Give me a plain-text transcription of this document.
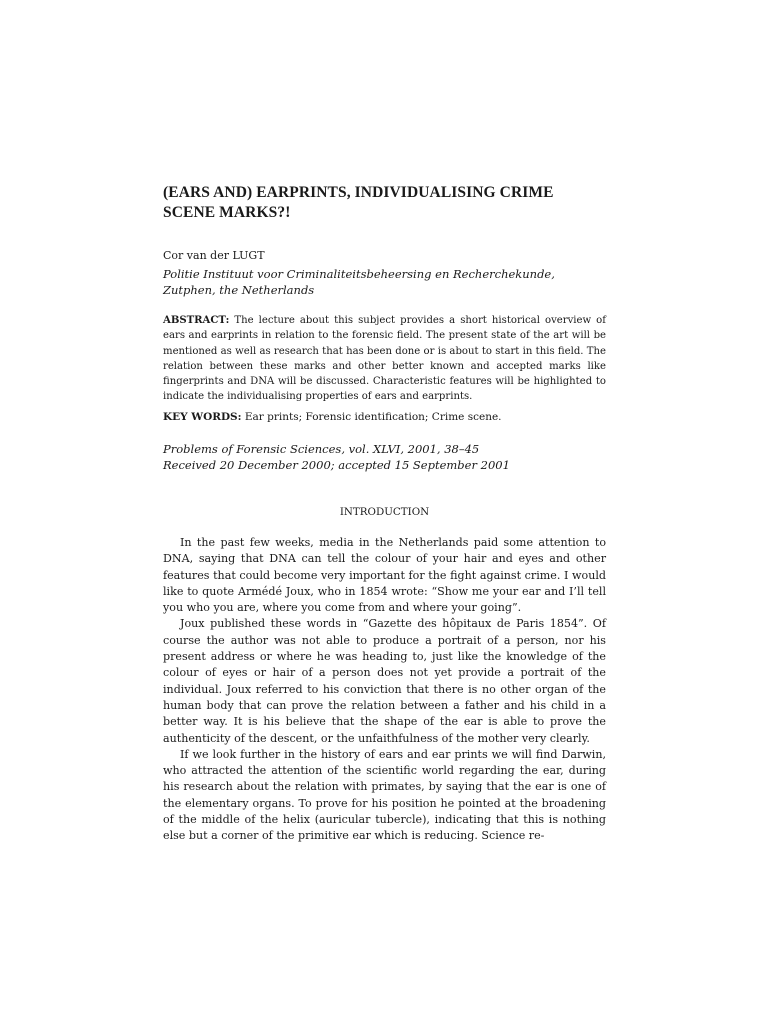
(EARS AND) EARPRINTS, INDIVIDUALISING CRIME SCENE MARKS?!
Cor van der LUGT
Politie Instituut voor Criminaliteitsbeheersing en Recherchekunde,
Zutphen, the Netherlands

ABSTRACT: The lecture about this subject provides a short historical overview of ears and earprints in relation to the forensic field. The present state of the art will be mentioned as well as research that has been done or is about to start in this field. The relation between these marks and other better known and accepted marks like fingerprints and DNA will be discussed. Characteristic features will be highlighted to indicate the individualising properties of ears and earprints.

KEY WORDS: Ear prints; Forensic identification; Crime scene.

Problems of Forensic Sciences, vol. XLVI, 2001, 38–45
Received 20 December 2000; accepted 15 September 2001
INTRODUCTION

In the past few weeks, media in the Netherlands paid some attention to DNA, saying that DNA can tell the colour of your hair and eyes and other features that could become very important for the fight against crime. I would like to quote Armédé Joux, who in 1854 wrote: “Show me your ear and I’ll tell you who you are, where you come from and where your going”.

Joux published these words in “Gazette des hôpitaux de Paris 1854”. Of course the author was not able to produce a portrait of a person, nor his present address or where he was heading to, just like the knowledge of the colour of eyes or hair of a person does not yet provide a portrait of the individual. Joux referred to his conviction that there is no other organ of the human body that can prove the relation between a father and his child in a better way. It is his believe that the shape of the ear is able to prove the authenticity of the descent, or the unfaithfulness of the mother very clearly.

If we look further in the history of ears and ear prints we will find Darwin, who attracted the attention of the scientific world regarding the ear, during his research about the relation with primates, by saying that the ear is one of the elementary organs. To prove for his position he pointed at the broadening of the middle of the helix (auricular tubercle), indicating that this is nothing else but a corner of the primitive ear which is reducing. Science re-
